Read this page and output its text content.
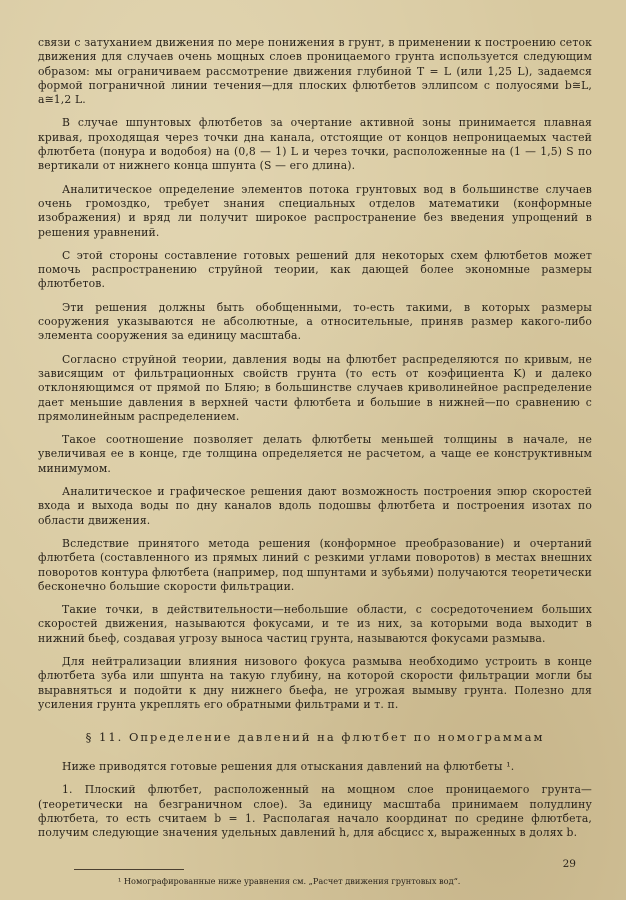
связи с затуханием движения по мере понижения в грунт, в применении к построению сеток движения для случаев очень мощных слоев проницаемого грунта используется следующим образом: мы ограничиваем рассмотрение движения глубиной T = L (или 1,25 L), задаемся формой пограничной линии течения—для плоских флютбетов эллипсом с полуосями b≅L, a≅1,2 L.

В случае шпунтовых флютбетов за очертание активной зоны принимается плавная кривая, проходящая через точки дна канала, отстоящие от концов непроницаемых частей флютбета (понура и водобоя) на (0,8 — 1) L и через точки, расположенные на (1 — 1,5) S по вертикали от нижнего конца шпунта (S — его длина).

Аналитическое определение элементов потока грунтовых вод в большинстве случаев очень громоздко, требует знания специальных отделов математики (конформные изображения) и вряд ли получит широкое распространение без введения упрощений в решения уравнений.

С этой стороны составление готовых решений для некоторых схем флютбетов может помочь распространению струйной теории, как дающей более экономные размеры флютбетов.

Эти решения должны быть обобщенными, то-есть такими, в которых размеры сооружения указываются не абсолютные, а относительные, приняв размер какого-либо элемента сооружения за единицу масштаба.

Согласно струйной теории, давления воды на флютбет распределяются по кривым, не зависящим от фильтрационных свойств грунта (то есть от коэфициента K) и далеко отклоняющимся от прямой по Бляю; в большинстве случаев криволинейное распределение дает меньшие давления в верхней части флютбета и большие в нижней—по сравнению с прямолинейным распределением.

Такое соотношение позволяет делать флютбеты меньшей толщины в начале, не увеличивая ее в конце, где толщина определяется не расчетом, а чаще ее конструктивным минимумом.

Аналитическое и графическое решения дают возможность построения эпюр скоростей входа и выхода воды по дну каналов вдоль подошвы флютбета и построения изотах по области движения.

Вследствие принятого метода решения (конформное преобразование) и очертаний флютбета (составленного из прямых линий с резкими углами поворотов) в местах внешних поворотов контура флютбета (например, под шпунтами и зубьями) получаются теоретически бесконечно большие скорости фильтрации.

Такие точки, в действительности—небольшие области, с сосредоточением больших скоростей движения, называются фокусами, и те из них, за которыми вода выходит в нижний бьеф, создавая угрозу выноса частиц грунта, называются фокусами размыва.

Для нейтрализации влияния низового фокуса размыва необходимо устроить в конце флютбета зуба или шпунта на такую глубину, на которой скорости фильтрации могли бы выравняться и подойти к дну нижнего бьефа, не угрожая вымыву грунта. Полезно для усиления грунта укреплять его обратными фильтрами и т. п.

§ 11. Определение давлений на флютбет по номограммам

Ниже приводятся готовые решения для отыскания давлений на флютбеты ¹.

1. Плоский флютбет, расположенный на мощном слое проницаемого грунта—(теоретически на безграничном слое). За единицу масштаба принимаем полудлину флютбета, то есть считаем b = 1. Располагая начало координат по средине флютбета, получим следующие значения удельных давлений h, для абсцисс x, выраженных в долях b.

¹ Номографированные ниже уравнения см. „Расчет движения грунтовых вод“.
29
